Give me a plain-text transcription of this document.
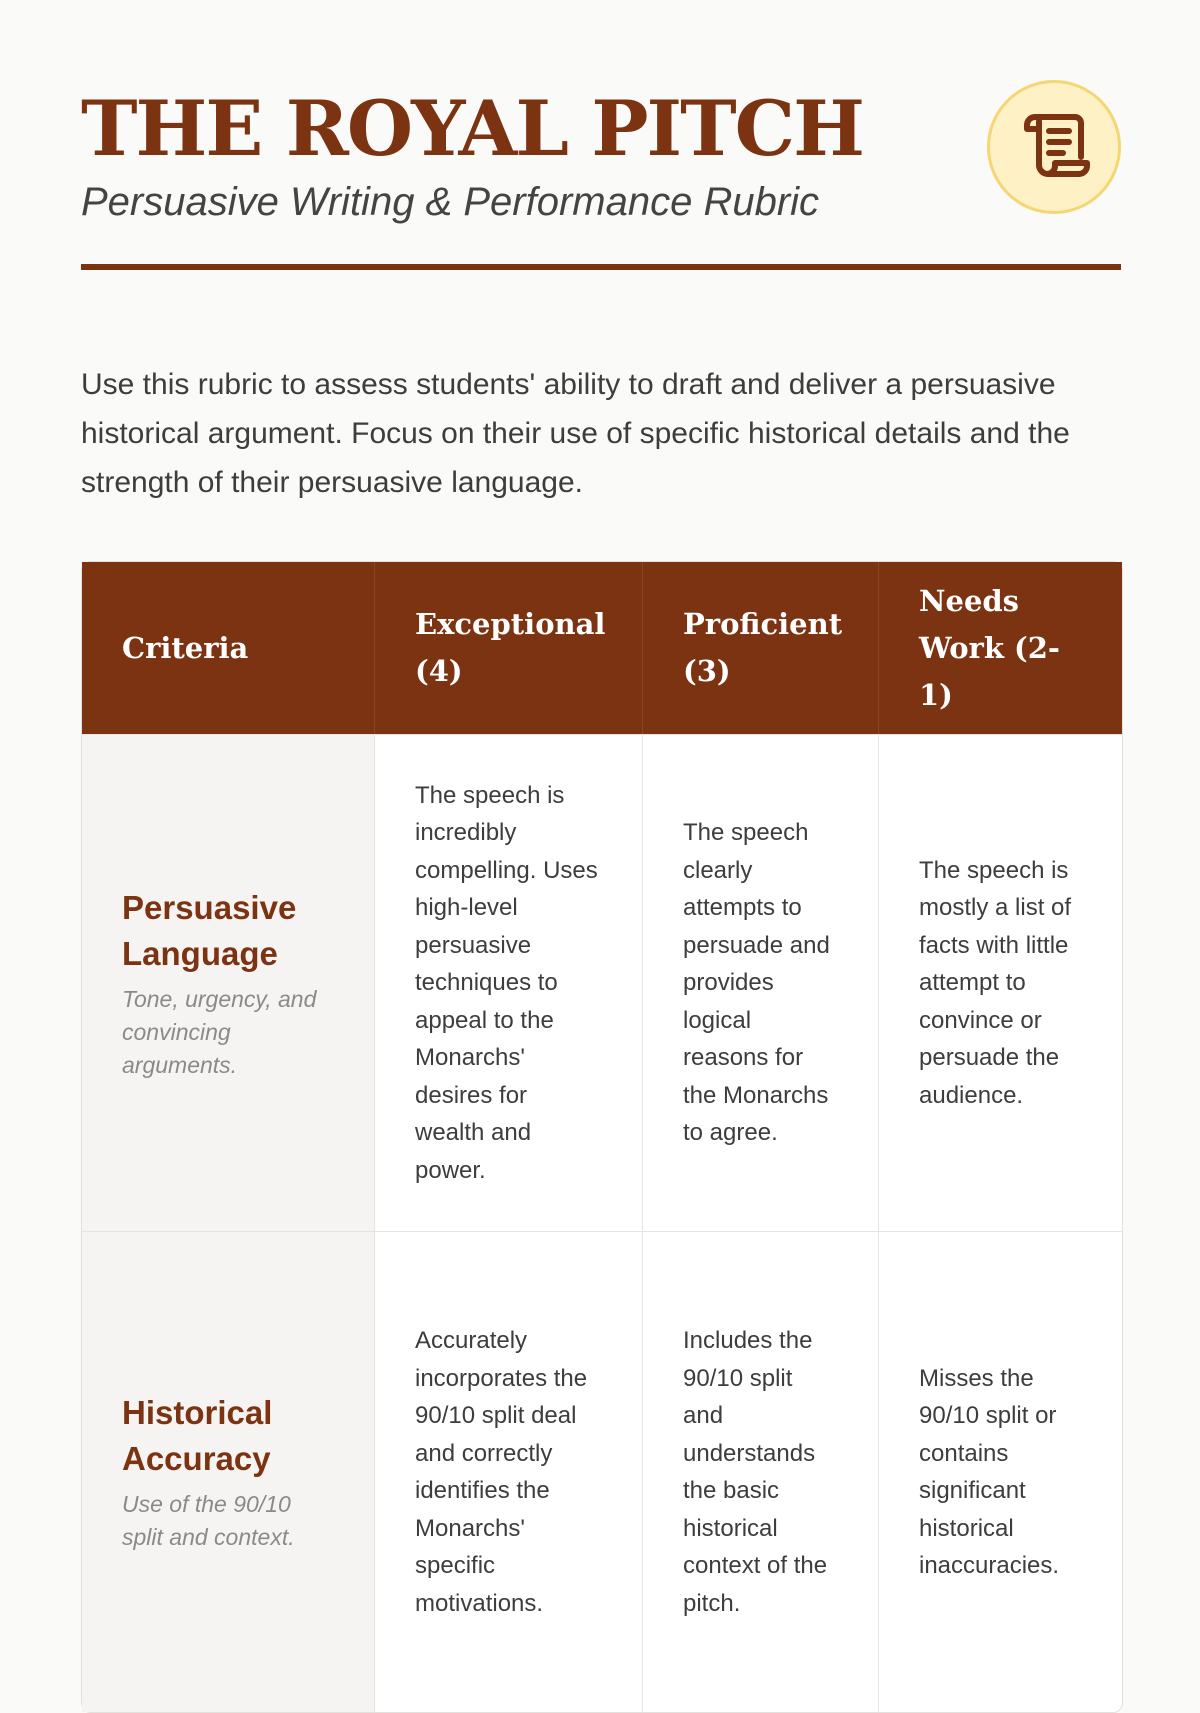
THE ROYAL PITCH

Persuasive Writing & Performance Rubric

Use this rubric to assess students' ability to draft and deliver a persuasive historical argument. Focus on their use of specific historical details and the strength of their persuasive language.

Criteria
Exceptional (4)
Proficient (3)
Needs Work (2-1)
Persuasive Language
Tone, urgency, and convincing arguments.
The speech is incredibly compelling. Uses high-level persuasive techniques to appeal to the Monarchs' desires for wealth and power.
The speech clearly attempts to persuade and provides logical reasons for the Monarchs to agree.
The speech is mostly a list of facts with little attempt to convince or persuade the audience.
Historical Accuracy
Use of the 90/10 split and context.
Accurately incorporates the 90/10 split deal and correctly identifies the Monarchs' specific motivations.
Includes the 90/10 split and understands the basic historical context of the pitch.
Misses the 90/10 split or contains significant historical inaccuracies.
